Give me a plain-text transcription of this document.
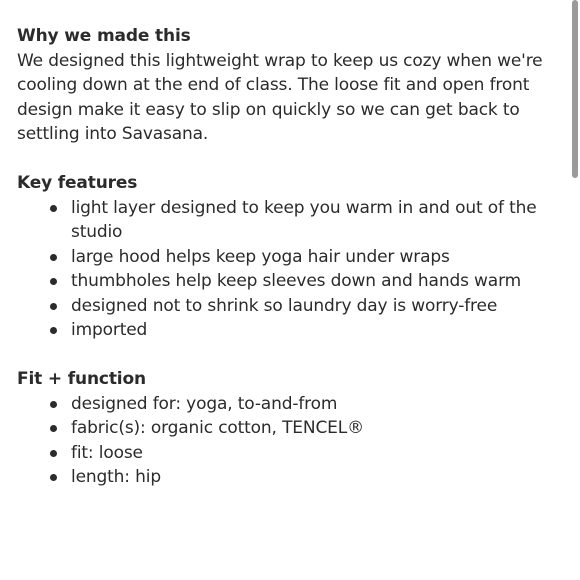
Why we made this

We designed this lightweight wrap to keep us cozy when we're cooling down at the end of class. The loose fit and open front design make it easy to slip on quickly so we can get back to settling into Savasana.

Key features

light layer designed to keep you warm in and out of the studio
large hood helps keep yoga hair under wraps
thumbholes help keep sleeves down and hands warm
designed not to shrink so laundry day is worry-free
imported

Fit + function

designed for: yoga, to-and-from
fabric(s): organic cotton, TENCEL®
fit: loose
length: hip
